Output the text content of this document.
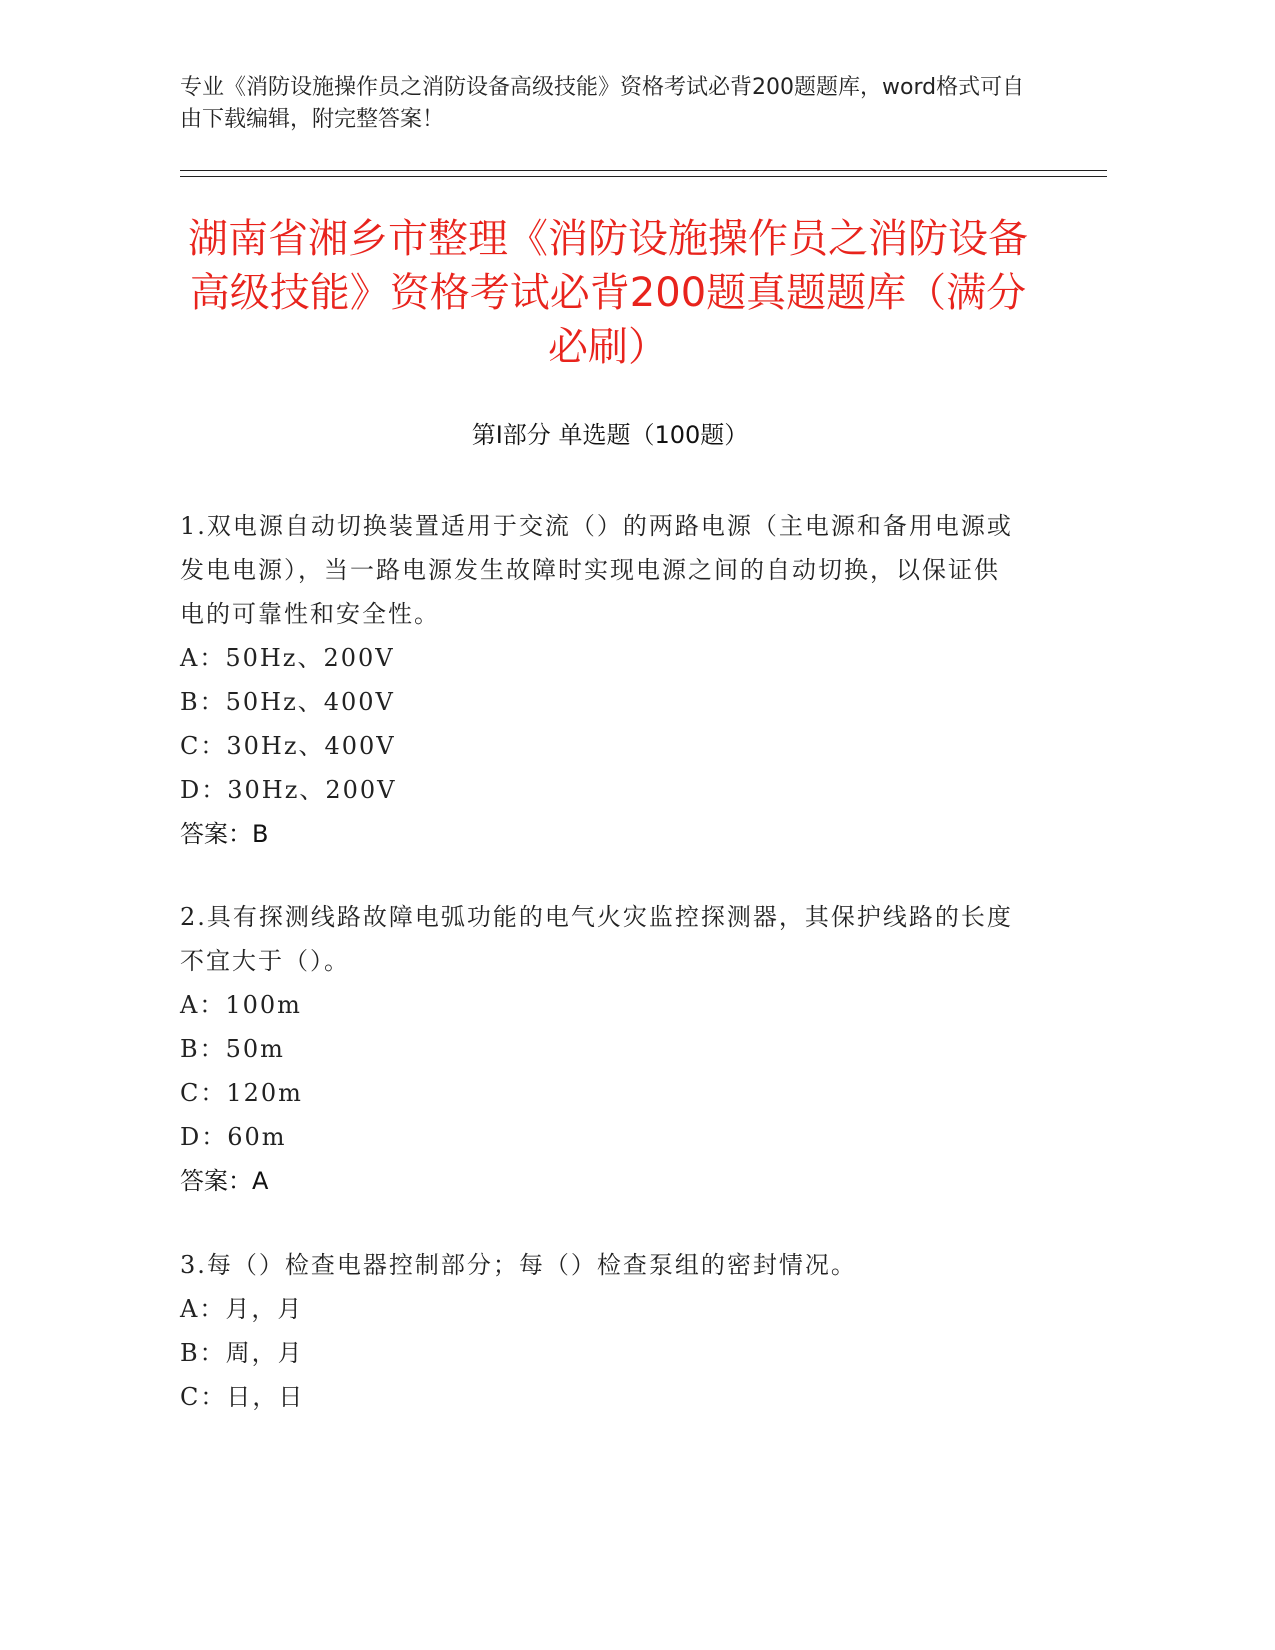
专业《消防设施操作员之消防设备高级技能》资格考试必背200题题库，word格式可自由下载编辑，附完整答案！
湖南省湘乡市整理《消防设施操作员之消防设备高级技能》资格考试必背200题真题题库（满分必刷）
第Ⅰ部分 单选题（100题）

1.双电源自动切换装置适用于交流（）的两路电源（主电源和备用电源或发电电源），当一路电源发生故障时实现电源之间的自动切换，以保证供电的可靠性和安全性。

A：50Hz、200V

B：50Hz、400V

C：30Hz、400V

D：30Hz、200V

答案：B

2.具有探测线路故障电弧功能的电气火灾监控探测器，其保护线路的长度不宜大于（）。

A：100m

B：50m

C：120m

D：60m

答案：A

3.每（）检查电器控制部分；每（）检查泵组的密封情况。

A：月，月

B：周，月

C：日，日
